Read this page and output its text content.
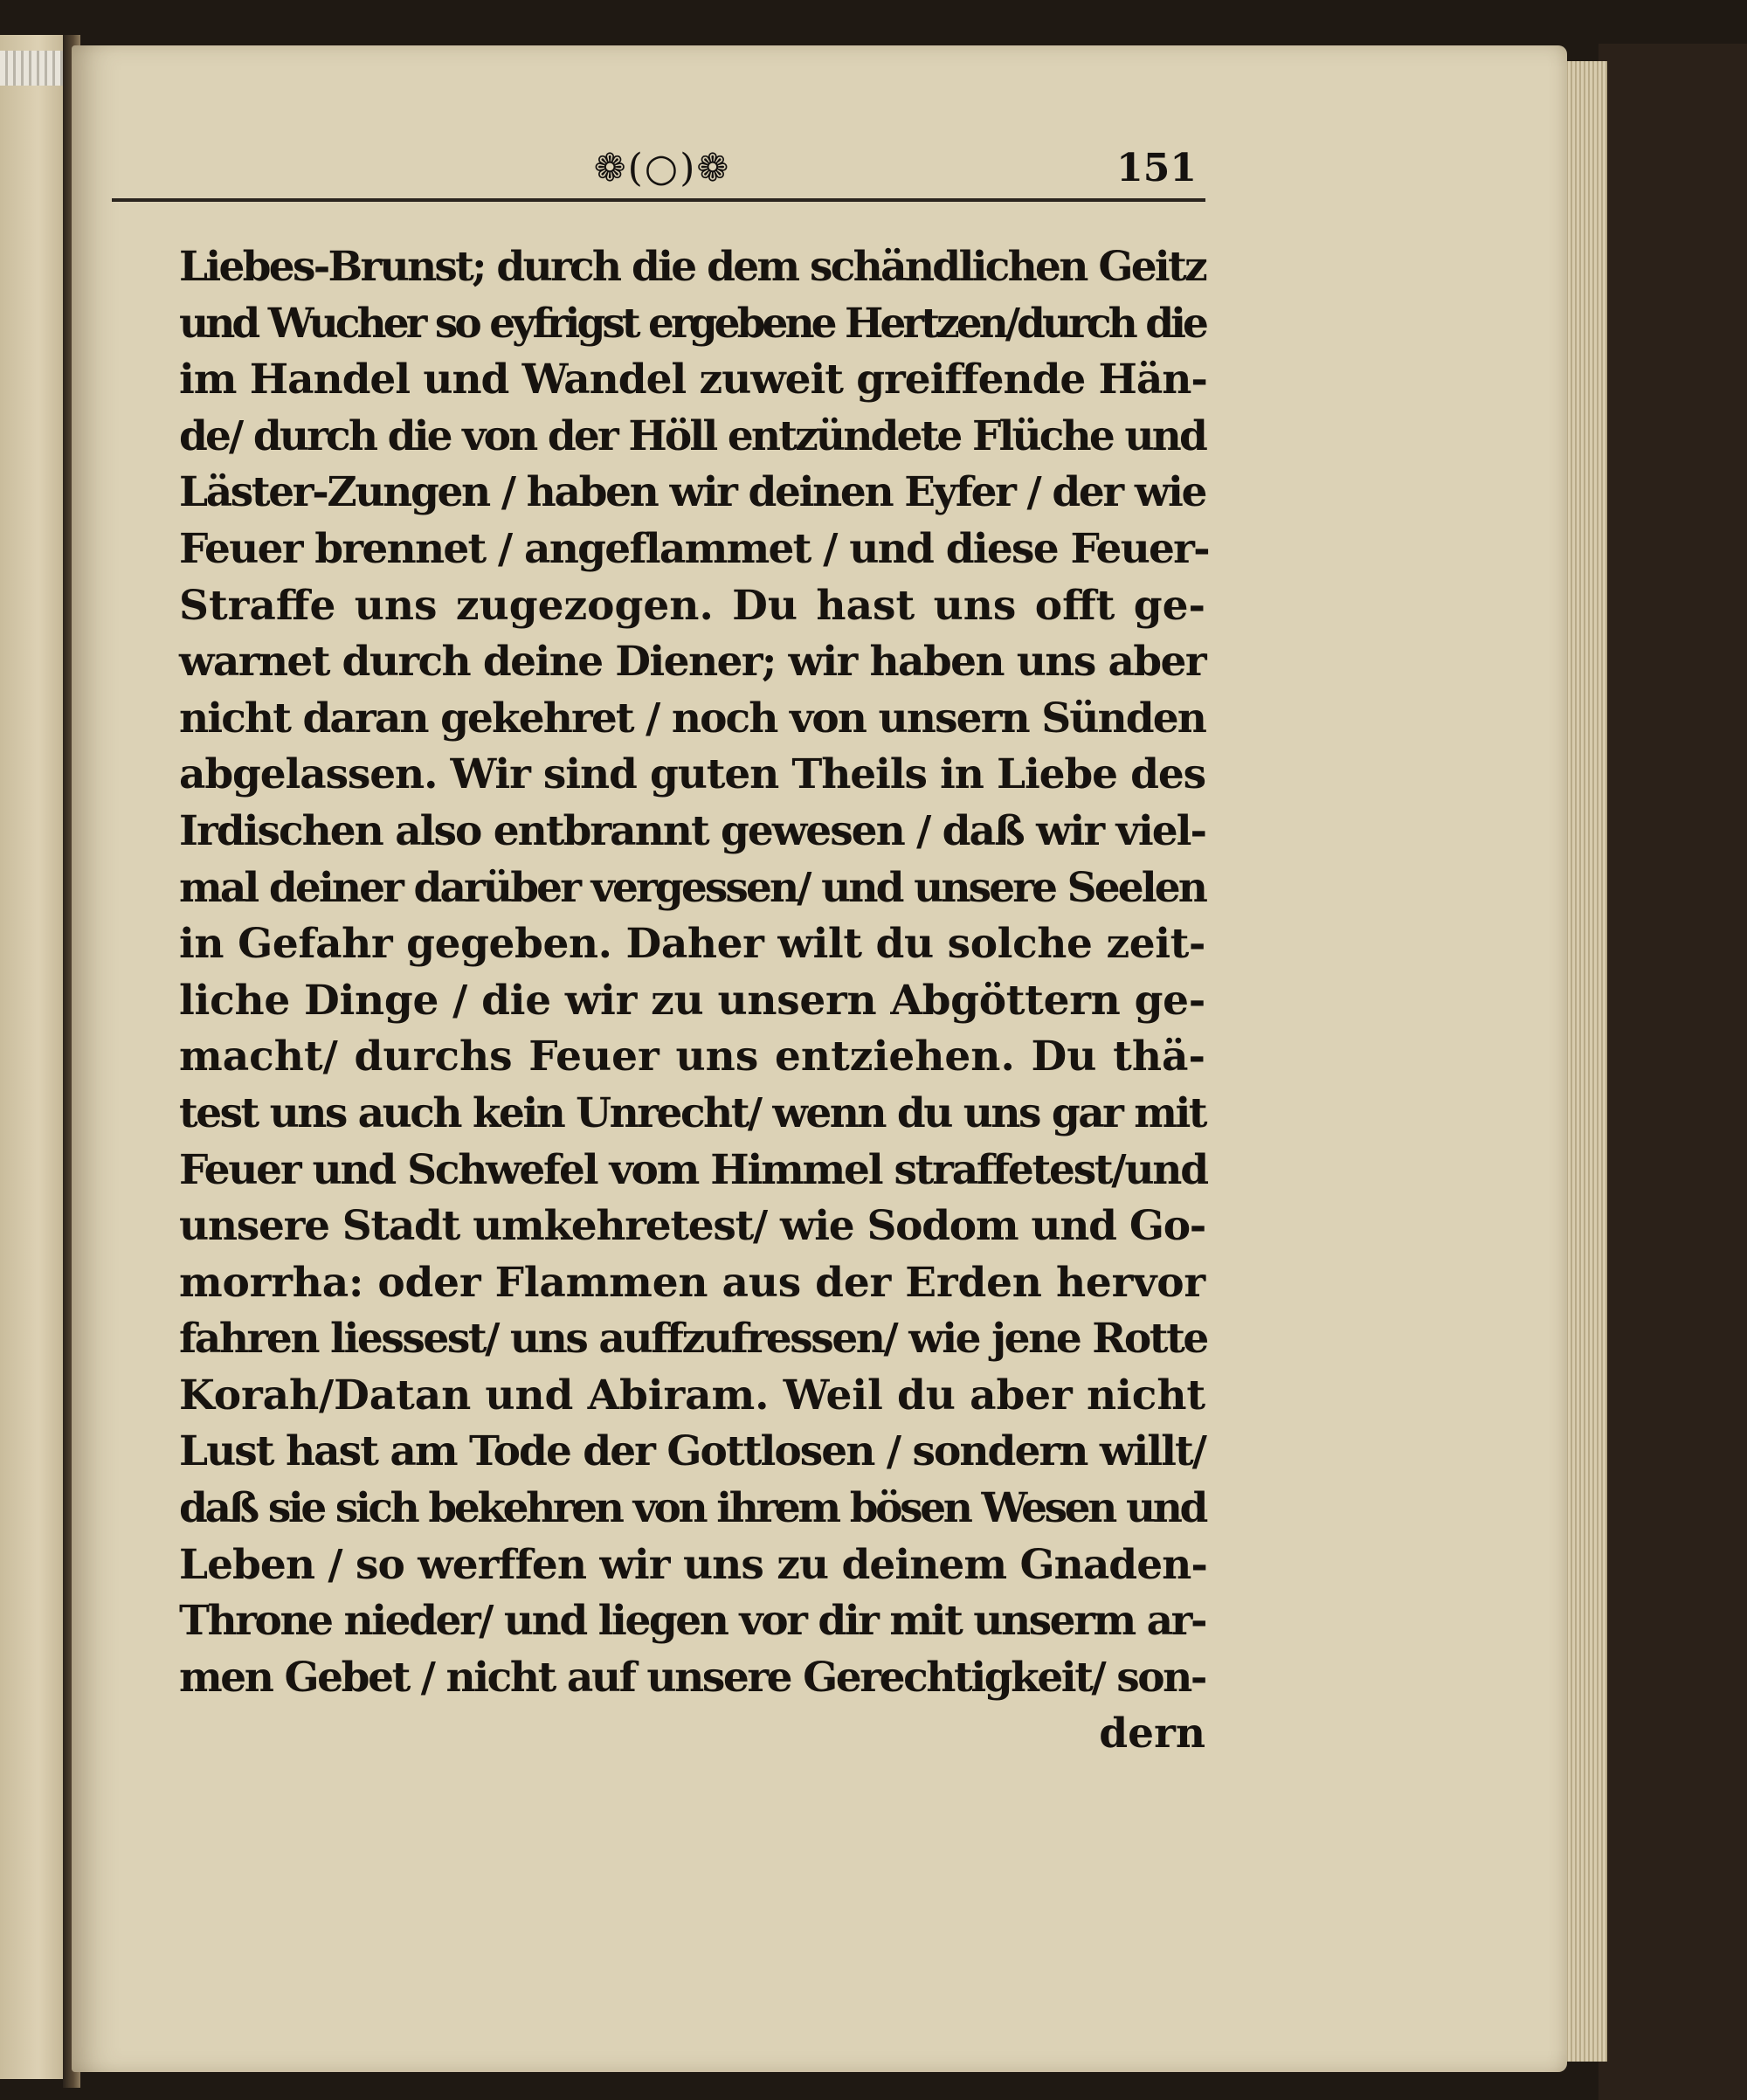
❁(○)❁	151
Liebes-Brunst; durch die dem schändlichen Geitz
und Wucher so eyfrigst ergebene Hertzen/durch die
im Handel und Wandel zuweit greiffende Hän-
de/ durch die von der Höll entzündete Flüche und
Läster-Zungen / haben wir deinen Eyfer / der wie
Feuer brennet / angeflammet / und diese Feuer-
Straffe uns zugezogen. Du hast uns offt ge-
warnet durch deine Diener; wir haben uns aber
nicht daran gekehret / noch von unsern Sünden
abgelassen. Wir sind guten Theils in Liebe des
Irdischen also entbrannt gewesen / daß wir viel-
mal deiner darüber vergessen/ und unsere Seelen
in Gefahr gegeben. Daher wilt du solche zeit-
liche Dinge / die wir zu unsern Abgöttern ge-
macht/ durchs Feuer uns entziehen. Du thä-
test uns auch kein Unrecht/ wenn du uns gar mit
Feuer und Schwefel vom Himmel straffetest/und
unsere Stadt umkehretest/ wie Sodom und Go-
morrha: oder Flammen aus der Erden hervor
fahren liessest/ uns auffzufressen/ wie jene Rotte
Korah/Datan und Abiram. Weil du aber nicht
Lust hast am Tode der Gottlosen / sondern willt/
daß sie sich bekehren von ihrem bösen Wesen und
Leben / so werffen wir uns zu deinem Gnaden-
Throne nieder/ und liegen vor dir mit unserm ar-
men Gebet / nicht auf unsere Gerechtigkeit/ son-
dern
